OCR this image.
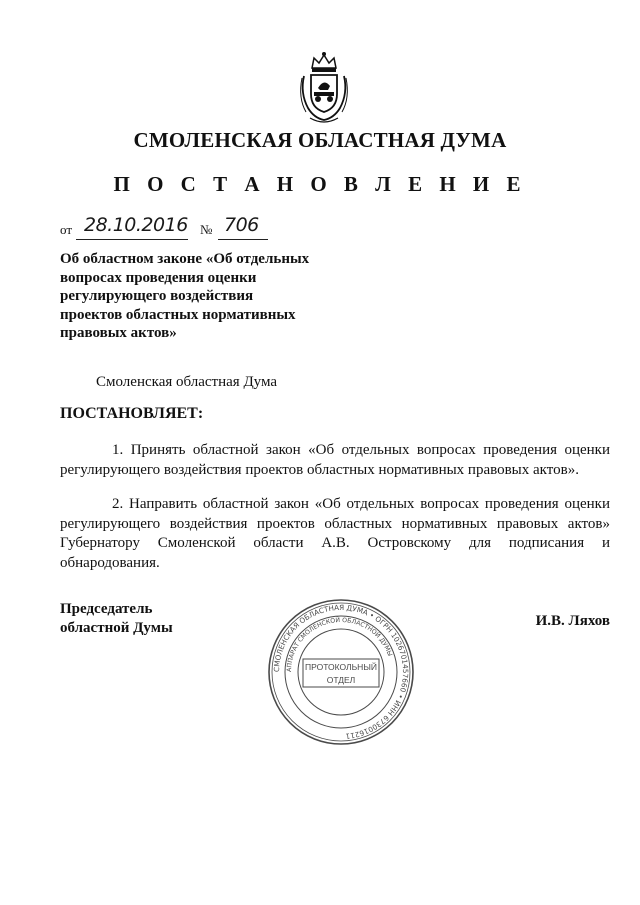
СМОЛЕНСКАЯ ОБЛАСТНАЯ ДУМА
П О С Т А Н О В Л Е Н И Е
от 28.10.2016 № 706
Об областном законе «Об отдельных
вопросах проведения оценки
регулирующего воздействия
проектов областных нормативных
правовых актов»
Смоленская областная Дума
ПОСТАНОВЛЯЕТ:
1. Принять областной закон «Об отдельных вопросах проведения оценки регулирующего воздействия проектов областных нормативных правовых актов».
2. Направить областной закон «Об отдельных вопросах проведения оценки регулирующего воздействия проектов областных нормативных правовых актов» Губернатору Смоленской области А.В. Островскому для подписания и обнародования.
Председатель
областной Думы	И.В. Ляхов
СМОЛЕНСКАЯ ОБЛАСТНАЯ ДУМА • ОГРН 1026701457660 • ИНН 6730016211
АППАРАТ СМОЛЕНСКОЙ ОБЛАСТНОЙ ДУМЫ
ПРОТОКОЛЬНЫЙ
ОТДЕЛ
